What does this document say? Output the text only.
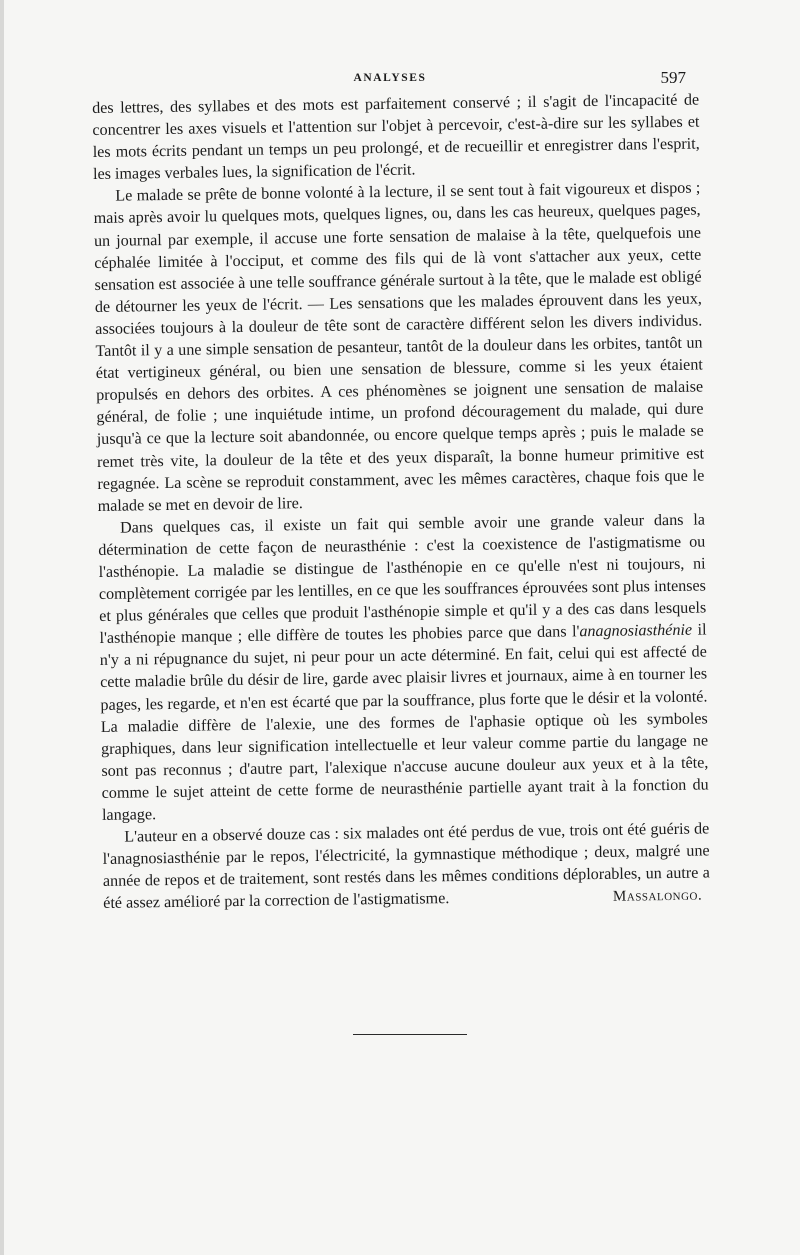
ANALYSES	597

des lettres, des syllabes et des mots est parfaitement conservé ; il s'agit de l'incapacité de concentrer les axes visuels et l'attention sur l'objet à percevoir, c'est-à-dire sur les syllabes et les mots écrits pendant un temps un peu prolongé, et de recueillir et enregistrer dans l'esprit, les images verbales lues, la signification de l'écrit.

Le malade se prête de bonne volonté à la lecture, il se sent tout à fait vigoureux et dispos ; mais après avoir lu quelques mots, quelques lignes, ou, dans les cas heureux, quelques pages, un journal par exemple, il accuse une forte sensation de malaise à la tête, quelquefois une céphalée limitée à l'occiput, et comme des fils qui de là vont s'attacher aux yeux, cette sensation est associée à une telle souffrance générale surtout à la tête, que le malade est obligé de détourner les yeux de l'écrit. — Les sensations que les malades éprouvent dans les yeux, associées toujours à la douleur de tête sont de caractère différent selon les divers individus. Tantôt il y a une simple sensation de pesanteur, tantôt de la douleur dans les orbites, tantôt un état vertigineux général, ou bien une sensation de blessure, comme si les yeux étaient propulsés en dehors des orbites. A ces phénomènes se joignent une sensation de malaise général, de folie ; une inquiétude intime, un profond découragement du malade, qui dure jusqu'à ce que la lecture soit abandonnée, ou encore quelque temps après ; puis le malade se remet très vite, la douleur de la tête et des yeux disparaît, la bonne humeur primitive est regagnée. La scène se reproduit constamment, avec les mêmes caractères, chaque fois que le malade se met en devoir de lire.

Dans quelques cas, il existe un fait qui semble avoir une grande valeur dans la détermination de cette façon de neurasthénie : c'est la coexistence de l'astigmatisme ou l'asthénopie. La maladie se distingue de l'asthénopie en ce qu'elle n'est ni toujours, ni complètement corrigée par les lentilles, en ce que les souffrances éprouvées sont plus intenses et plus générales que celles que produit l'asthénopie simple et qu'il y a des cas dans lesquels l'asthénopie manque ; elle diffère de toutes les phobies parce que dans l'anagnosiasthénie il n'y a ni répugnance du sujet, ni peur pour un acte déterminé. En fait, celui qui est affecté de cette maladie brûle du désir de lire, garde avec plaisir livres et journaux, aime à en tourner les pages, les regarde, et n'en est écarté que par la souffrance, plus forte que le désir et la volonté. La maladie diffère de l'alexie, une des formes de l'aphasie optique où les symboles graphiques, dans leur signification intellectuelle et leur valeur comme partie du langage ne sont pas reconnus ; d'autre part, l'alexique n'accuse aucune douleur aux yeux et à la tête, comme le sujet atteint de cette forme de neurasthénie partielle ayant trait à la fonction du langage.

L'auteur en a observé douze cas : six malades ont été perdus de vue, trois ont été guéris de l'anagnosiasthénie par le repos, l'électricité, la gymnastique méthodique ; deux, malgré une année de repos et de traitement, sont restés dans les mêmes conditions déplorables, un autre a été assez amélioré par la correction de l'astigmatisme.	Massalongo.
